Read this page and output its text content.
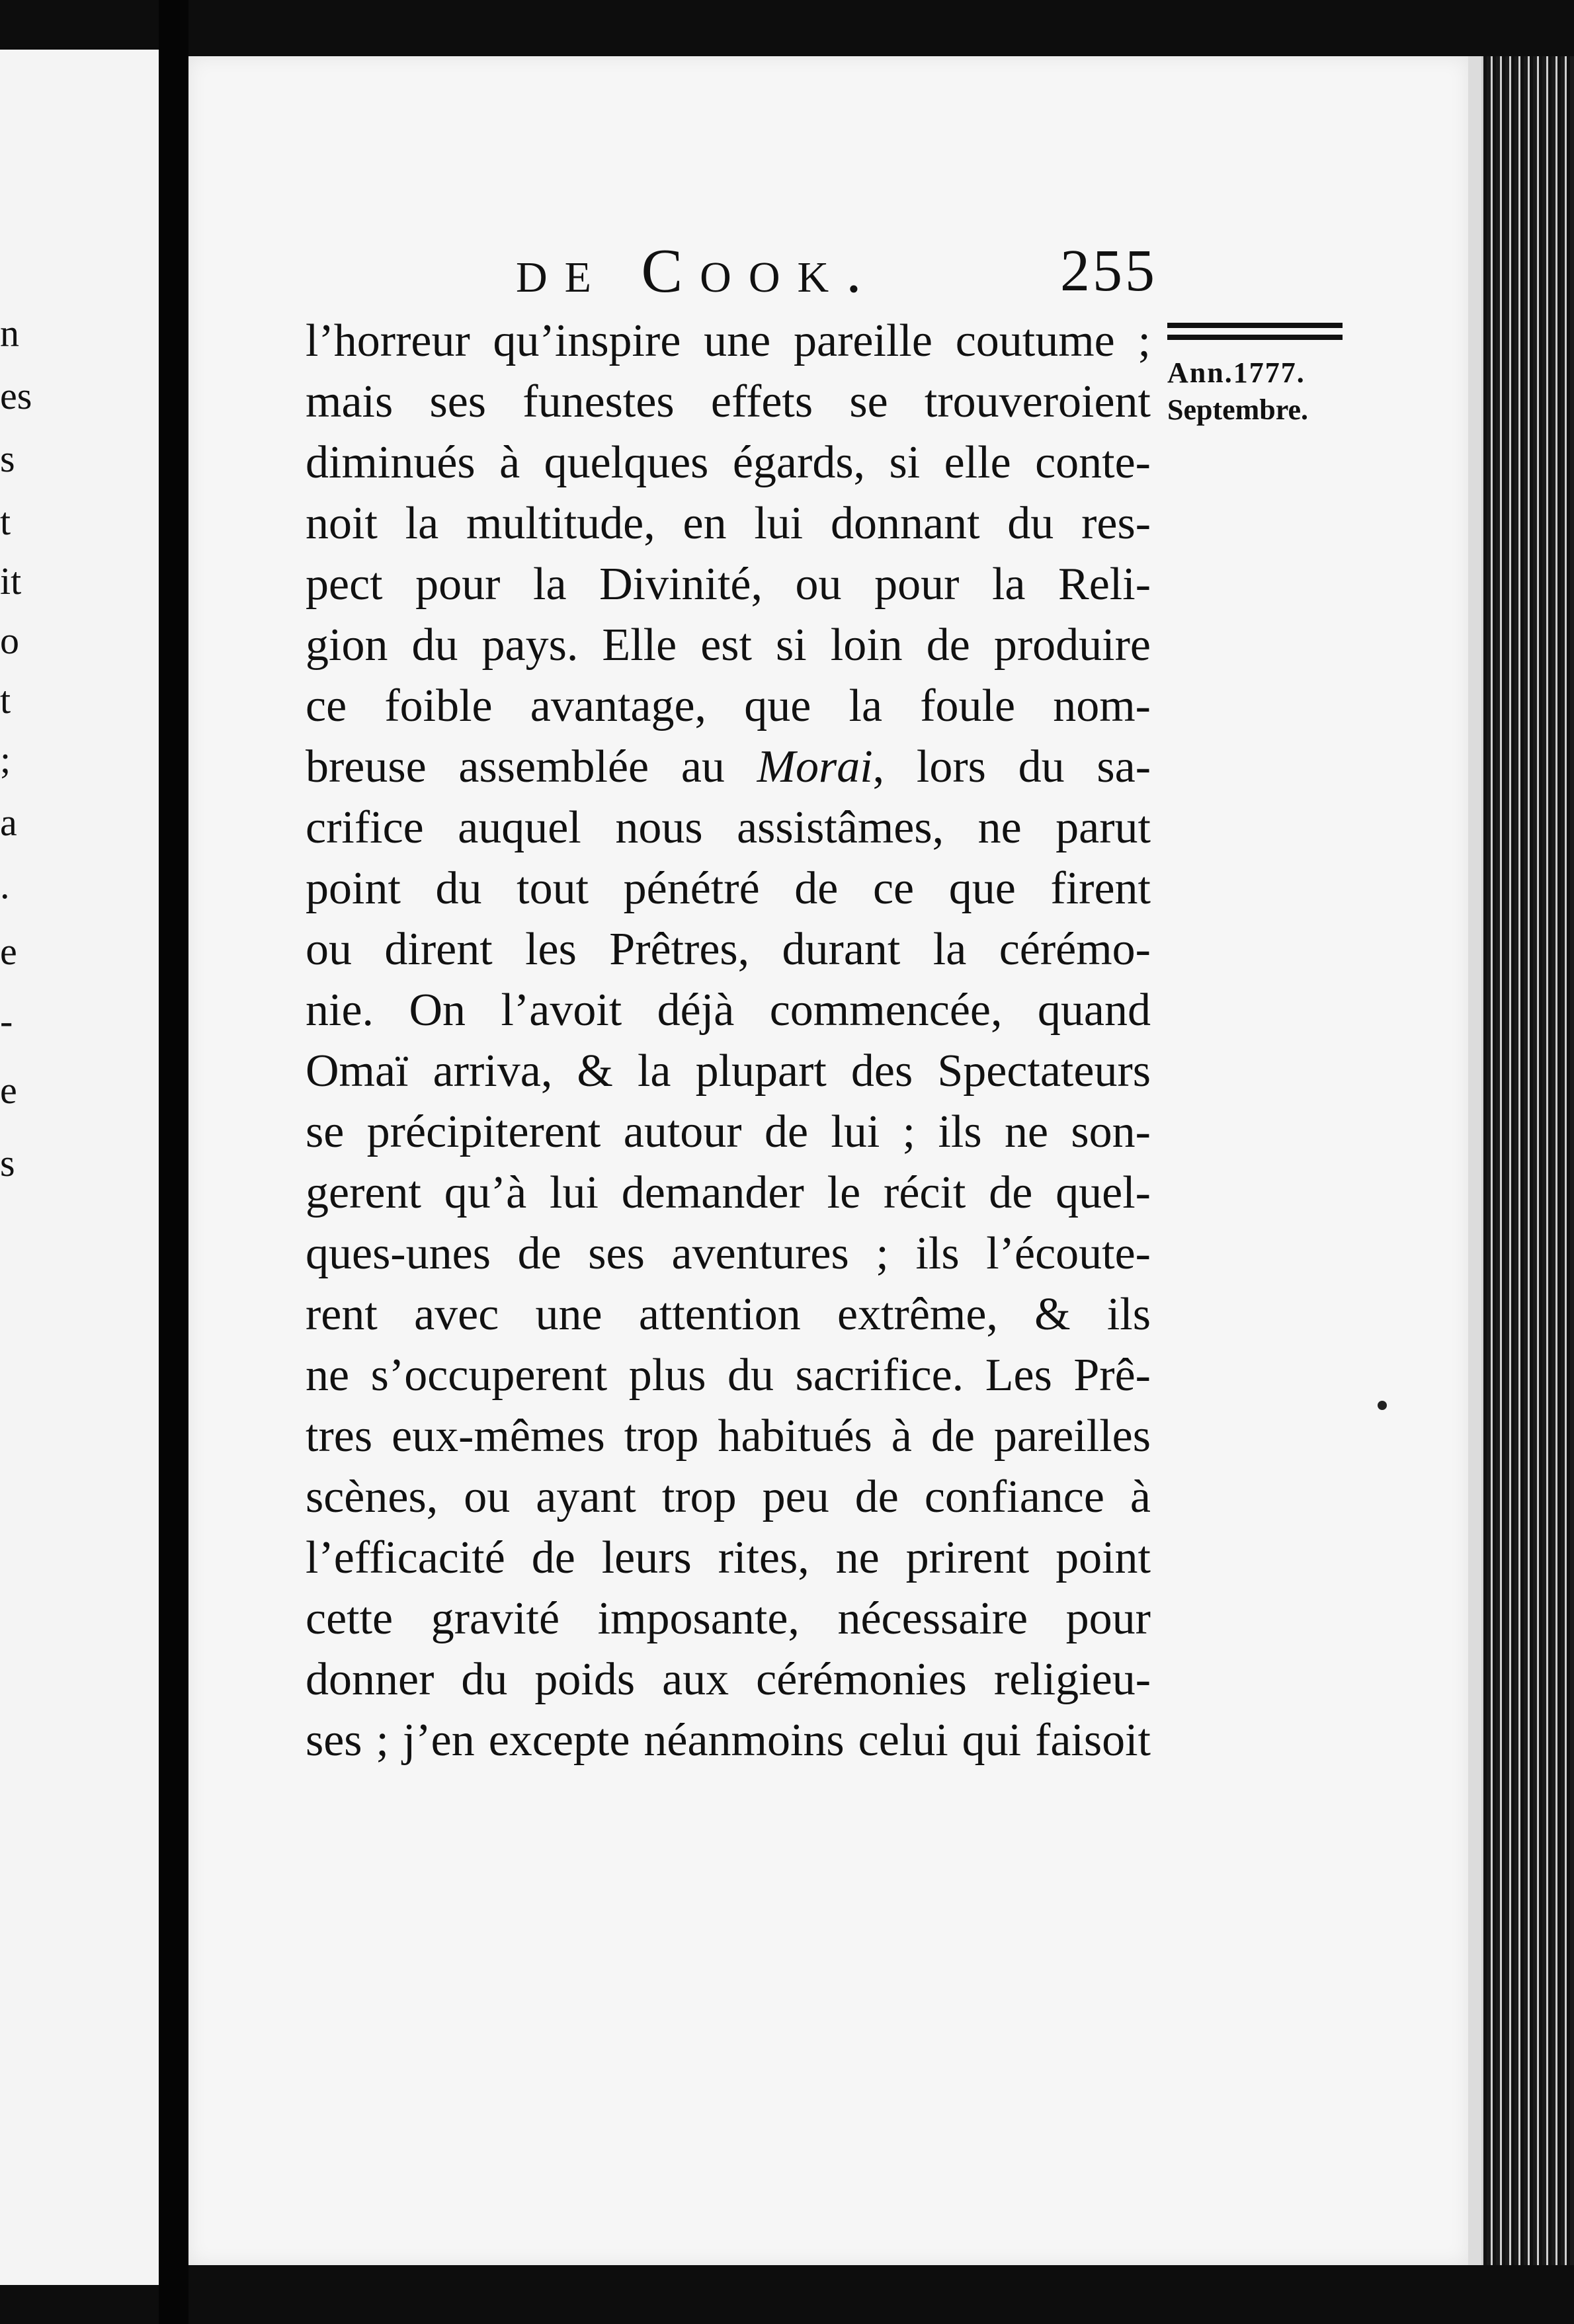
n
es
s
t
it
o
t
;
a
.
e
-
e
s
de Cook.	255
Ann.1777.
Septembre.
l’horreur qu’inspire une pareille coutume ;
mais ses funestes effets se trouveroient
diminués à quelques égards, si elle conte-
noit la multitude, en lui donnant du res-
pect pour la Divinité, ou pour la Reli-
gion du pays. Elle est si loin de produire
ce foible avantage, que la foule nom-
breuse assemblée au Morai, lors du sa-
crifice auquel nous assistâmes, ne parut
point du tout pénétré de ce que firent
ou dirent les Prêtres, durant la cérémo-
nie. On l’avoit déjà commencée, quand
Omaï arriva, & la plupart des Spectateurs
se précipiterent autour de lui ; ils ne son-
gerent qu’à lui demander le récit de quel-
ques-unes de ses aventures ; ils l’écoute-
rent avec une attention extrême, & ils
ne s’occuperent plus du sacrifice. Les Prê-
tres eux-mêmes trop habitués à de pareilles
scènes, ou ayant trop peu de confiance à
l’efficacité de leurs rites, ne prirent point
cette gravité imposante, nécessaire pour
donner du poids aux cérémonies religieu-
ses ; j’en excepte néanmoins celui qui faisoit
